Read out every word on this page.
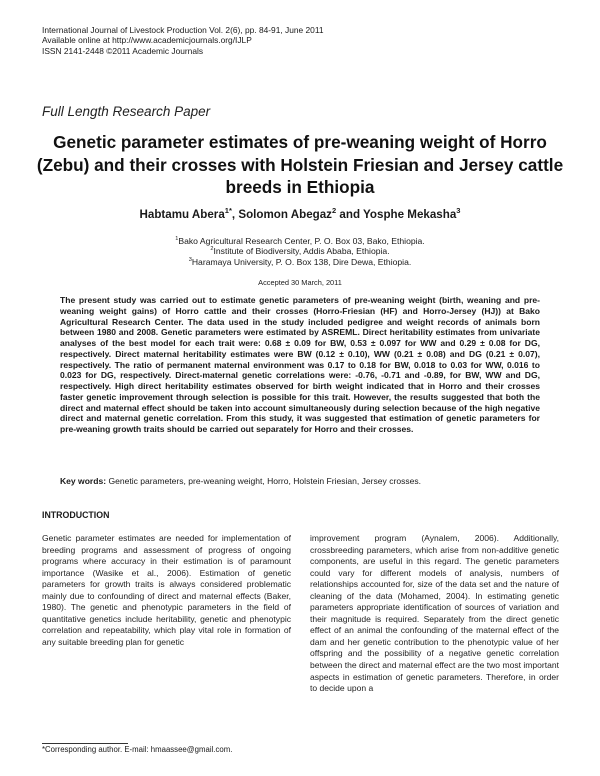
International Journal of Livestock Production Vol. 2(6), pp. 84-91, June 2011
Available online at http://www.academicjournals.org/IJLP
ISSN 2141-2448 ©2011 Academic Journals
Full Length Research Paper
Genetic parameter estimates of pre-weaning weight of Horro (Zebu) and their crosses with Holstein Friesian and Jersey cattle breeds in Ethiopia
Habtamu Abera$^{1*}$, Solomon Abegaz$^2$ and Yosphe Mekasha$^3$
$^1$Bako Agricultural Research Center, P. O. Box 03, Bako, Ethiopia.
$^2$Institute of Biodiversity, Addis Ababa, Ethiopia.
$^3$Haramaya University, P. O. Box 138, Dire Dewa, Ethiopia.
Accepted 30 March, 2011
The present study was carried out to estimate genetic parameters of pre-weaning weight (birth, weaning and pre-weaning weight gains) of Horro cattle and their crosses (Horro-Friesian (HF) and Horro-Jersey (HJ)) at Bako Agricultural Research Center. The data used in the study included pedigree and weight records of animals born between 1980 and 2008. Genetic parameters were estimated by ASREML. Direct heritability estimates from univariate analyses of the best model for each trait were: 0.68 ± 0.09 for BW, 0.53 ± 0.097 for WW and 0.29 ± 0.08 for DG, respectively. Direct maternal heritability estimates were BW (0.12 ± 0.10), WW (0.21 ± 0.08) and DG (0.21 ± 0.07), respectively. The ratio of permanent maternal environment was 0.17 to 0.18 for BW, 0.018 to 0.03 for WW, 0.016 to 0.023 for DG, respectively. Direct-maternal genetic correlations were: -0.76, -0.71 and -0.89, for BW, WW and DG, respectively. High direct heritability estimates observed for birth weight indicated that in Horro and their crosses faster genetic improvement through selection is possible for this trait. However, the results suggested that both the direct and maternal effect should be taken into account simultaneously during selection because of the high negative direct and maternal genetic correlation. From this study, it was suggested that estimation of genetic parameters for pre-weaning growth traits should be carried out separately for Horro and their crosses.
Key words: Genetic parameters, pre-weaning weight, Horro, Holstein Friesian, Jersey crosses.
INTRODUCTION
Genetic parameter estimates are needed for implementation of breeding programs and assessment of progress of ongoing programs where accuracy in their estimation is of paramount importance (Wasike et al., 2006). Estimation of genetic parameters for growth traits is always considered problematic mainly due to confounding of direct and maternal effects (Baker, 1980). The genetic and phenotypic parameters in the field of quantitative genetics include heritability, genetic and phenotypic correlation and repeatability, which play vital role in formation of any suitable breeding plan for genetic
improvement program (Aynalem, 2006). Additionally, crossbreeding parameters, which arise from non-additive genetic components, are useful in this regard. The genetic parameters could vary for different models of analysis, numbers of relationships accounted for, size of the data set and the nature of cleaning of the data (Mohamed, 2004). In estimating genetic parameters appropriate identification of sources of variation and their magnitude is required. Separately from the direct genetic effect of an animal the confounding of the maternal effect of the dam and her genetic contribution to the phenotypic value of her offspring and the possibility of a negative genetic correlation between the direct and maternal effect are the two most important aspects in estimation of genetic parameters. Therefore, in order to decide upon a
*Corresponding author. E-mail: hmaassee@gmail.com.
